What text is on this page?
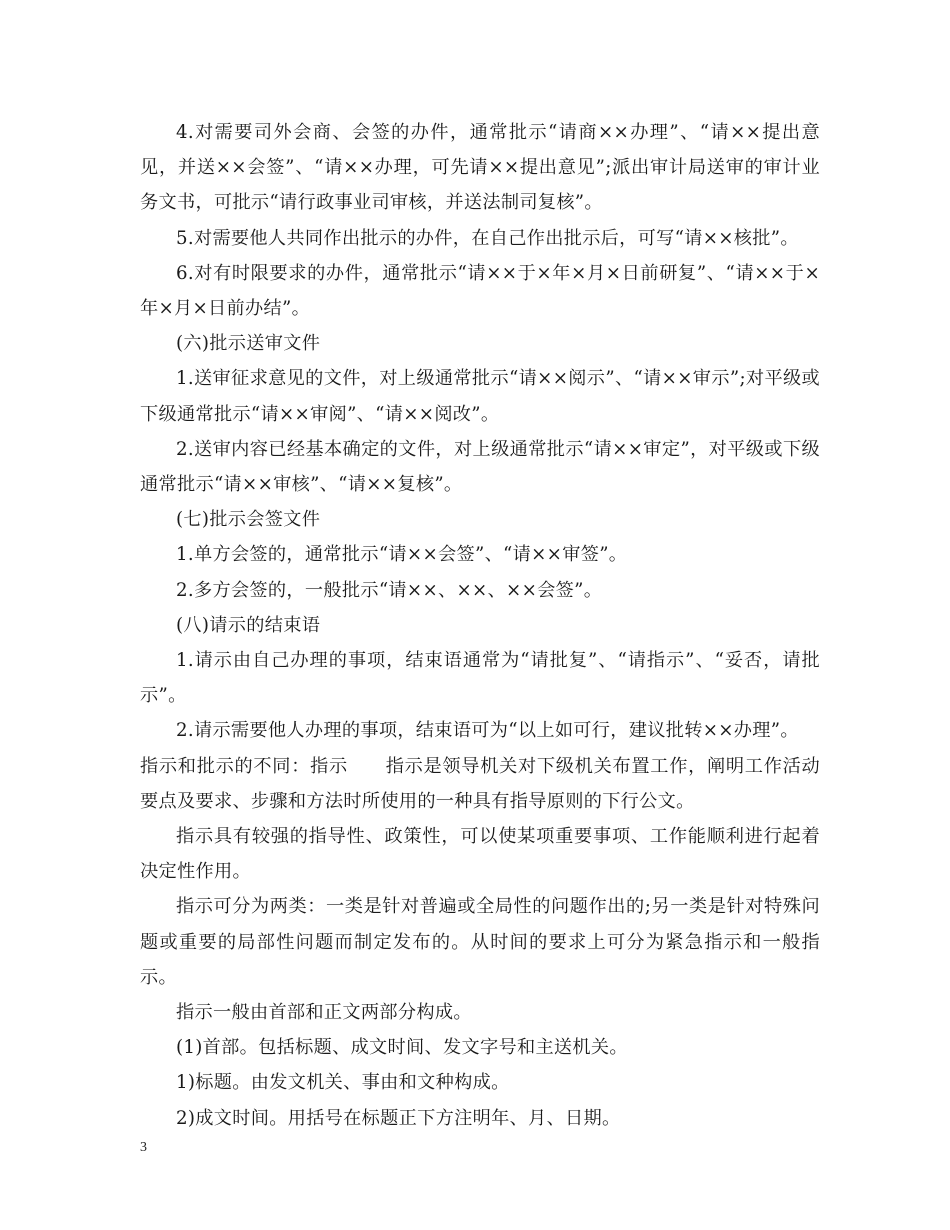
4.对需要司外会商、会签的办件，通常批示“请商××办理”、“请××提出意见，并送××会签”、“请××办理，可先请××提出意见”;派出审计局送审的审计业务文书，可批示“请行政事业司审核，并送法制司复核”。

5.对需要他人共同作出批示的办件，在自己作出批示后，可写“请××核批”。

6.对有时限要求的办件，通常批示“请××于×年×月×日前研复”、“请××于×年×月×日前办结”。

(六)批示送审文件

1.送审征求意见的文件，对上级通常批示“请××阅示”、“请××审示”;对平级或下级通常批示“请××审阅”、“请××阅改”。

2.送审内容已经基本确定的文件，对上级通常批示“请××审定”，对平级或下级通常批示“请××审核”、“请××复核”。

(七)批示会签文件

1.单方会签的，通常批示“请××会签”、“请××审签”。

2.多方会签的，一般批示“请××、××、××会签”。

(八)请示的结束语

1.请示由自己办理的事项，结束语通常为“请批复”、“请指示”、“妥否，请批示”。

2.请示需要他人办理的事项，结束语可为“以上如可行，建议批转××办理”。

指示和批示的不同：指示　　指示是领导机关对下级机关布置工作，阐明工作活动要点及要求、步骤和方法时所使用的一种具有指导原则的下行公文。

指示具有较强的指导性、政策性，可以使某项重要事项、工作能顺利进行起着决定性作用。

指示可分为两类：一类是针对普遍或全局性的问题作出的;另一类是针对特殊问题或重要的局部性问题而制定发布的。从时间的要求上可分为紧急指示和一般指示。

指示一般由首部和正文两部分构成。

(1)首部。包括标题、成文时间、发文字号和主送机关。

1)标题。由发文机关、事由和文种构成。

2)成文时间。用括号在标题正下方注明年、月、日期。

3
